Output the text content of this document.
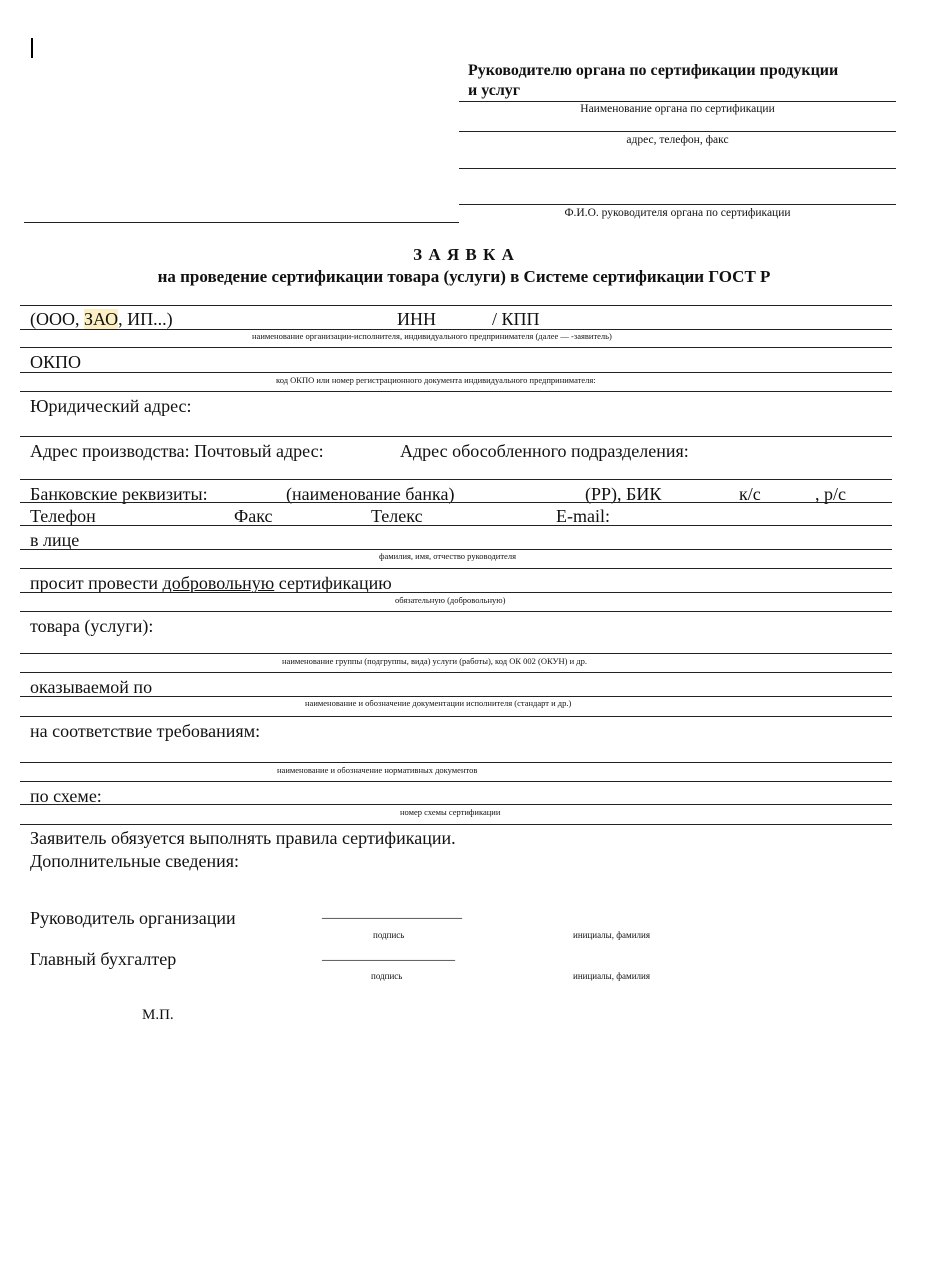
Руководителю органа по сертификации продукции
и услуг
Наименование органа по сертификации
адрес, телефон, факс
Ф.И.О. руководителя органа по сертификации
З А Я В К А
на проведение сертификации товара (услуги) в Системе сертификации ГОСТ Р
(ООО, ЗАО, ИП...)	ИНН	/ КПП
наименование организации-исполнителя, индивидуального предпринимателя (далее — -заявитель)
ОКПО
код ОКПО или номер регистрационного документа индивидуального предпринимателя:
Юридический адрес:
Адрес производства: Почтовый адрес:	Адрес обособленного подразделения:
Банковские реквизиты:	(наименование банка)	(РР), БИК	к/с	, р/с
Телефон	Факс	Телекс	E-mail:
в лице
фамилия, имя, отчество руководителя
просит провести добровольную сертификацию
обязательную (добровольную)
товара (услуги):
наименование группы (подгруппы, вида) услуги (работы), код ОК 002 (ОКУН) и др.
оказываемой по
наименование и обозначение документации исполнителя (стандарт и др.)
на соответствие требованиям:
наименование и обозначение нормативных документов
по схеме:
номер схемы сертификации
Заявитель обязуется выполнять правила сертификации.
Дополнительные сведения:
Руководитель организации	____________________
подпись	инициалы, фамилия
Главный бухгалтер	___________________
подпись	инициалы, фамилия
М.П.
